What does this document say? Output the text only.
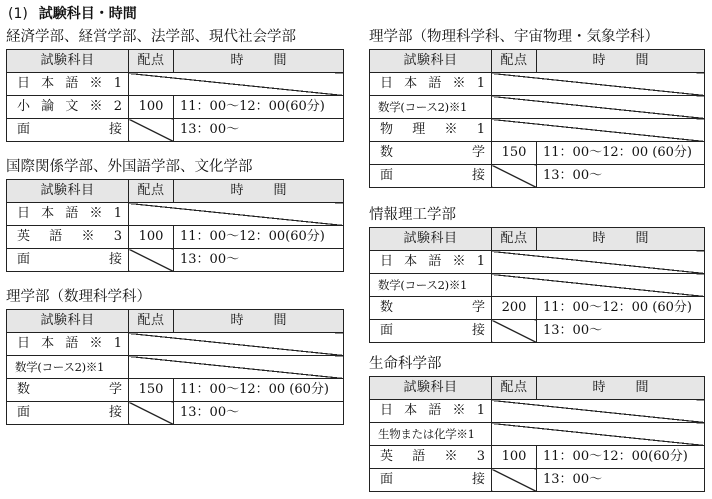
(1) 試験科目・時間
経済学部、経営学部、法学部、現代社会学部
試験科目	配点	時間
日本語※1		
小論文※2	100	11：00～12：00(60分)
面接		13：00～
国際関係学部、外国語学部、文化学部
試験科目	配点	時間
日本語※1		
英語※3	100	11：00～12：00(60分)
面接		13：00～
理学部（数理科学科）
試験科目	配点	時間
日本語※1		
数学(コース2)※1		
数学	150	11：00～12：00 (60分)
面接		13：00～
理学部（物理科学科、宇宙物理・気象学科）
試験科目	配点	時間
日本語※1		
数学(コース2)※1		
物理※1		
数学	150	11：00～12：00 (60分)
面接		13：00～
情報理工学部
試験科目	配点	時間
日本語※1		
数学(コース2)※1		
数学	200	11：00～12：00 (60分)
面接		13：00～
生命科学部
試験科目	配点	時間
日本語※1		
生物または化学※1		
英語※3	100	11：00～12：00(60分)
面接		13：00～
